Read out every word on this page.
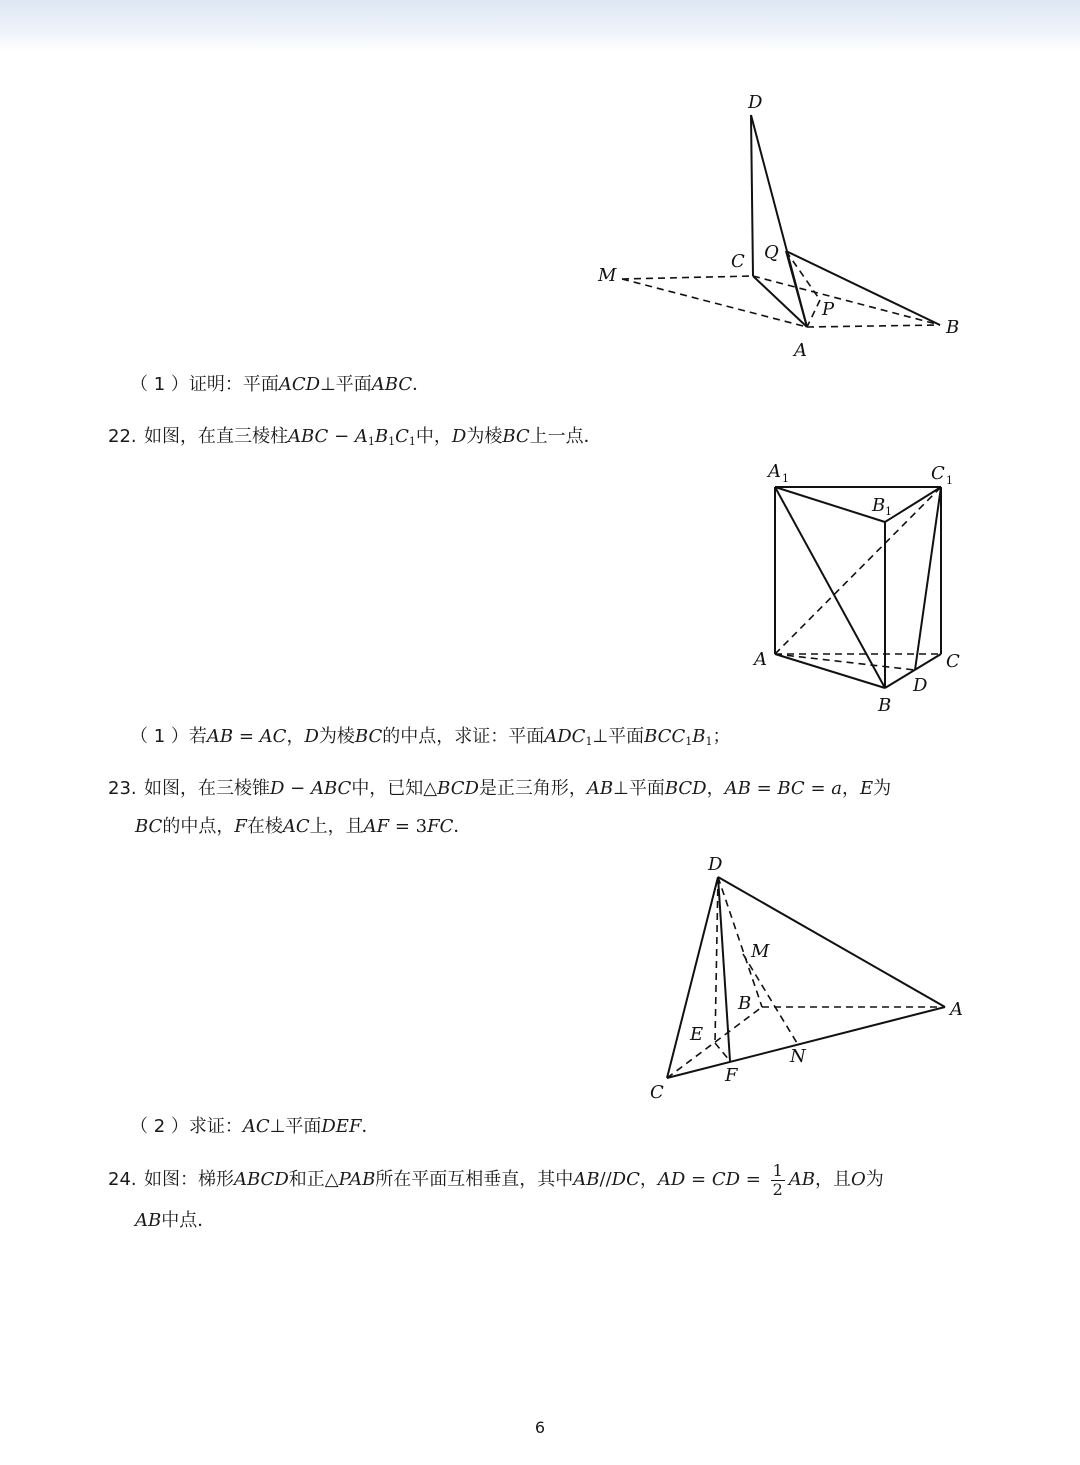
D
C Q
M
P
A
B
（ 1 ）证明：平面ACD⊥平面ABC．
22. 如图，在直三棱柱ABC − $A_1B_1C_1$中，D为棱BC上一点．
A 1	C 1
B 1
A	C
D
B
（ 1 ）若AB = AC，D为棱BC的中点，求证：平面$ADC_1\perp$平面$BCC_1B_1$；
23. 如图，在三棱锥D − ABC中，已知△BCD是正三角形，AB⊥平面BCD，AB = BC = a，E为
BC的中点，F在棱AC上，且AF = 3FC．
D
M
B	A
E
N
F
C
（ 2 ）求证：AC⊥平面DEF．
24. 如图：梯形ABCD和正△PAB所在平面互相垂直，其中AB//DC，AD = CD = $\frac{1}{2}$ AB，且O为
AB中点．
6
